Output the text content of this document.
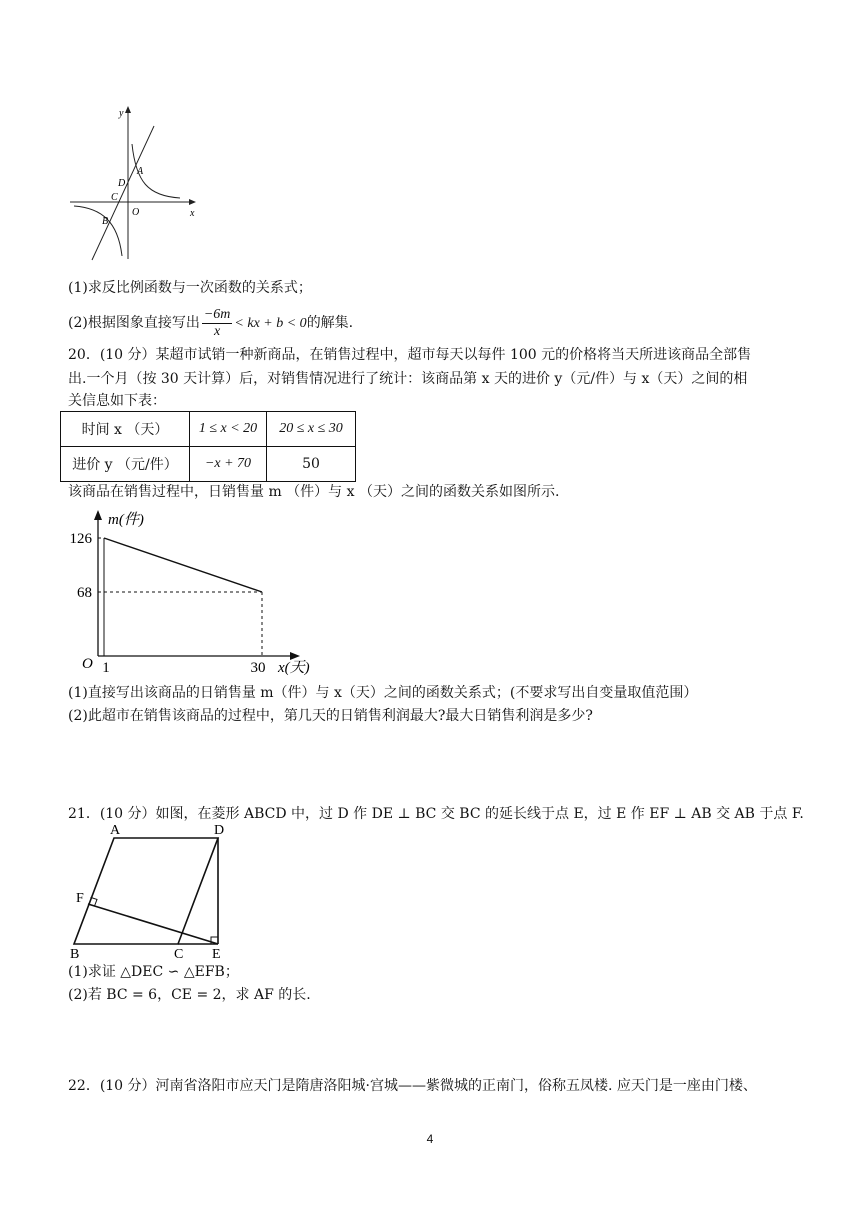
y
x
O
A
D
C
B
(1)求反比例函数与一次函数的关系式；
(2)根据图象直接写出 $\frac{-6m}{x}$ < kx + b < 0的解集.
20．(10 分）某超市试销一种新商品，在销售过程中，超市每天以每件 100 元的价格将当天所进该商品全部售
出.一个月（按 30 天计算）后，对销售情况进行了统计：该商品第 x 天的进价 y（元/件）与 x（天）之间的相
关信息如下表：
时间 x （天）	1 ≤ x < 20	20 ≤ x ≤ 30
进价 y （元/件）	−x + 70	50
该商品在销售过程中，日销售量 m （件）与 x （天）之间的函数关系如图所示.
126
68
1	30
m(件)
x(天)
O
(1)直接写出该商品的日销售量 m（件）与 x（天）之间的函数关系式；(不要求写出自变量取值范围）
(2)此超市在销售该商品的过程中，第几天的日销售利润最大?最大日销售利润是多少?
21．(10 分）如图，在菱形 ABCD 中，过 D 作 DE ⊥ BC 交 BC 的延长线于点 E，过 E 作 EF ⊥ AB 交 AB 于点 F.
A	D
F
B	C E
(1)求证 △DEC ∽ △EFB；
(2)若 BC = 6，CE = 2，求 AF 的长.
22．(10 分）河南省洛阳市应天门是隋唐洛阳城·宫城——紫微城的正南门，俗称五凤楼. 应天门是一座由门楼、
4
